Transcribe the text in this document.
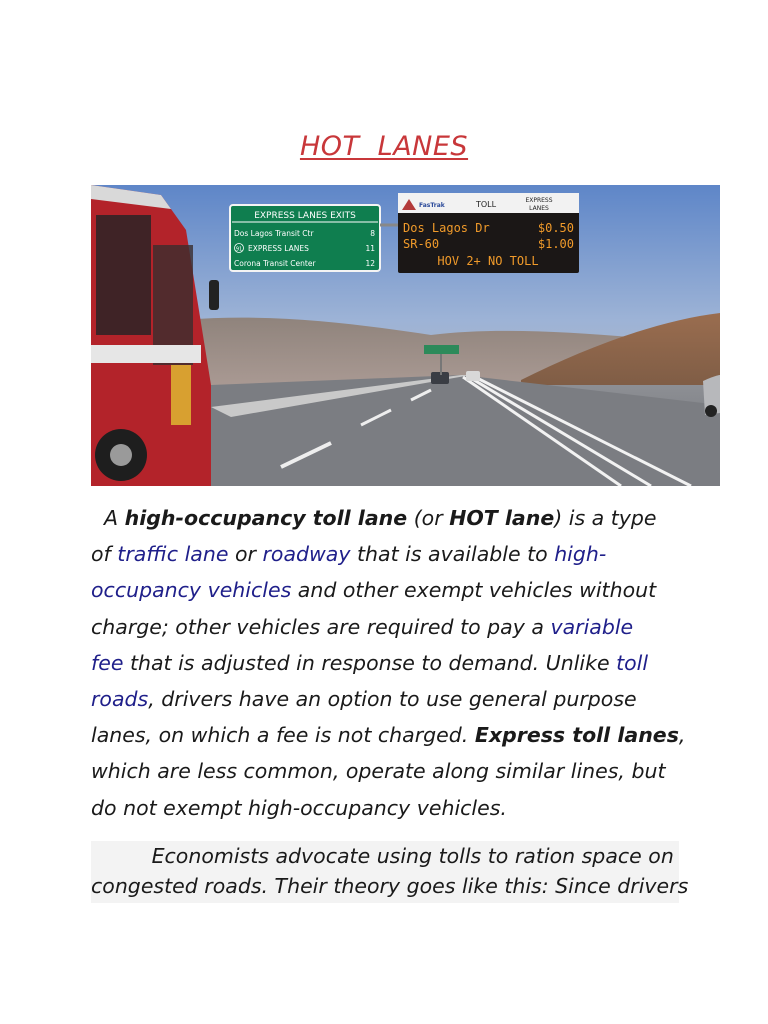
HOT  LANES
EXPRESS LANES EXITS
Dos Lagos Transit Ctr	8
91 EXPRESS LANES	11
Corona Transit Center	12
FasTrak	TOLL	EXPRESS
LANES
Dos Lagos Dr	$0.50
SR-60	$1.00
HOV 2+ NO TOLL
A high-occupancy toll lane (or HOT lane) is a type
of traffic lane or roadway that is available to high-
occupancy vehicles and other exempt vehicles without
charge; other vehicles are required to pay a variable
fee that is adjusted in response to demand. Unlike toll
roads, drivers have an option to use general purpose
lanes, on which a fee is not charged. Express toll lanes,
which are less common, operate along similar lines, but
do not exempt high-occupancy vehicles.
     Economists advocate using tolls to ration space on
congested roads. Their theory goes like this: Since drivers
